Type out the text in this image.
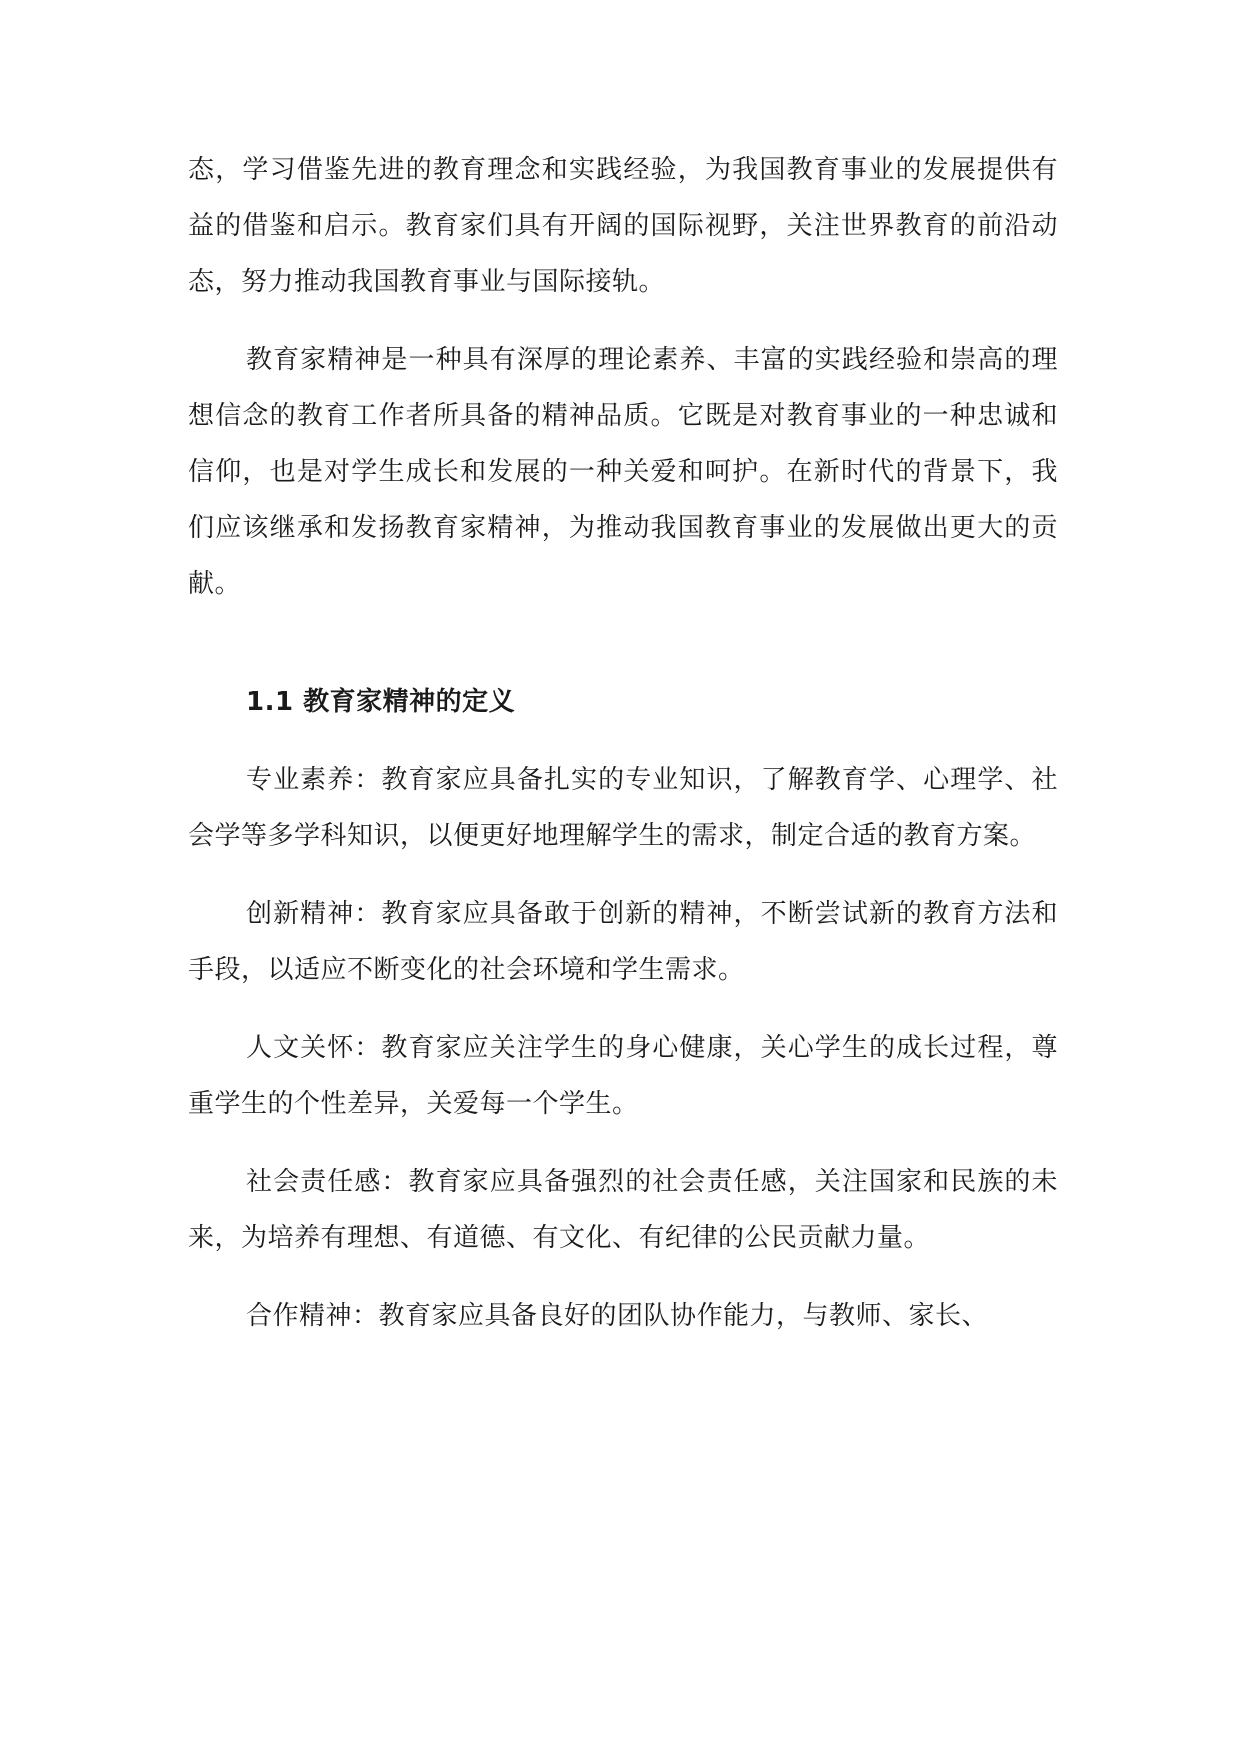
态，学习借鉴先进的教育理念和实践经验，为我国教育事业的发展提供有益的借鉴和启示。教育家们具有开阔的国际视野，关注世界教育的前沿动态，努力推动我国教育事业与国际接轨。

教育家精神是一种具有深厚的理论素养、丰富的实践经验和崇高的理想信念的教育工作者所具备的精神品质。它既是对教育事业的一种忠诚和信仰，也是对学生成长和发展的一种关爱和呵护。在新时代的背景下，我们应该继承和发扬教育家精神，为推动我国教育事业的发展做出更大的贡献。

1.1 教育家精神的定义

专业素养：教育家应具备扎实的专业知识，了解教育学、心理学、社会学等多学科知识，以便更好地理解学生的需求，制定合适的教育方案。

创新精神：教育家应具备敢于创新的精神，不断尝试新的教育方法和手段，以适应不断变化的社会环境和学生需求。

人文关怀：教育家应关注学生的身心健康，关心学生的成长过程，尊重学生的个性差异，关爱每一个学生。

社会责任感：教育家应具备强烈的社会责任感，关注国家和民族的未来，为培养有理想、有道德、有文化、有纪律的公民贡献力量。

合作精神：教育家应具备良好的团队协作能力，与教师、家长、
